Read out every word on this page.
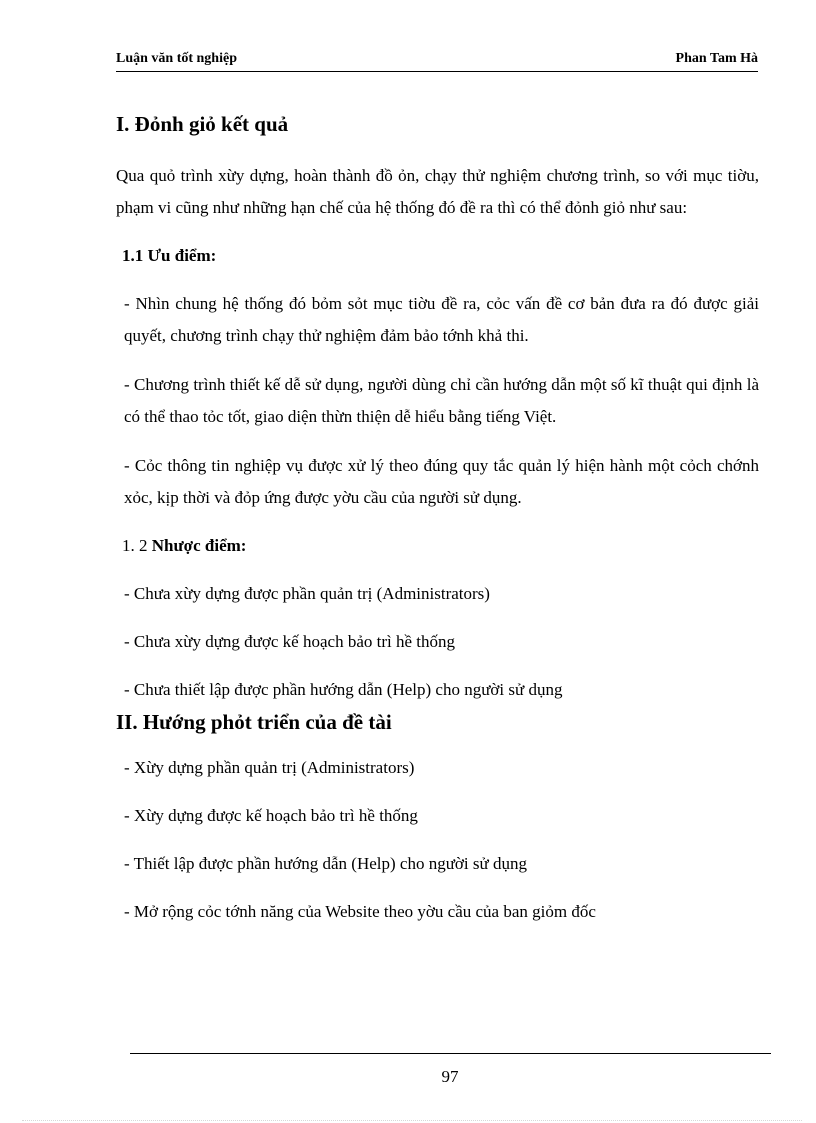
Luận văn tốt nghiệp	Phan Tam Hà
I. Đỏnh giỏ kết quả

Qua quỏ trình xừy dựng, hoàn thành đồ ỏn, chạy thử nghiệm chương trình, so với mục tiờu, phạm vi cũng như những hạn chế của hệ thống đó đề ra thì có thể đỏnh giỏ như sau:

1.1 Ưu điểm:

- Nhìn chung hệ thống đó bỏm sỏt mục tiờu đề ra, cỏc vấn đề cơ bản đưa ra đó được giải quyết, chương trình chạy thử nghiệm đảm bảo tớnh khả thi.

- Chương trình thiết kế dễ sử dụng, người dùng chỉ cần hướng dẫn một số kĩ thuật qui định là có thể thao tỏc tốt, giao diện thừn thiện dễ hiểu bằng tiếng Việt.

- Cỏc thông tin nghiệp vụ được xử lý theo đúng quy tắc quản lý hiện hành một cỏch chớnh xỏc, kịp thời và đỏp ứng được yờu cầu của người sử dụng.

1. 2 Nhược điểm:

- Chưa xừy dựng được phần quản trị (Administrators)

- Chưa xừy dựng được kế hoạch bảo trì hề thống

- Chưa thiết lập được phần hướng dẫn (Help) cho người sử dụng

II. Hướng phỏt triển của đề tài

- Xừy dựng phần quản trị (Administrators)

- Xừy dựng được kế hoạch bảo trì hề thống

- Thiết lập được phần hướng dẫn (Help) cho người sử dụng

- Mở rộng cỏc tớnh năng của Website theo yờu cầu của ban giỏm đốc

97
